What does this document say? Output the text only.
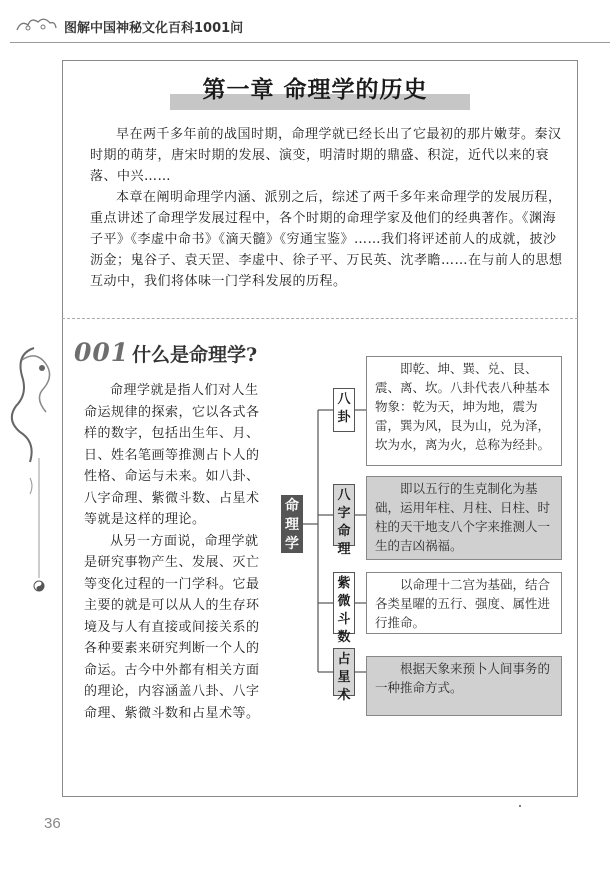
图解中国神秘文化百科1001问
第一章 命理学的历史

早在两千多年前的战国时期，命理学就已经长出了它最初的那片嫩芽。秦汉时期的萌芽，唐宋时期的发展、演变，明清时期的鼎盛、积淀，近代以来的衰落、中兴……

本章在阐明命理学内涵、派别之后，综述了两千多年来命理学的发展历程，重点讲述了命理学发展过程中，各个时期的命理学家及他们的经典著作。《渊海子平》《李虚中命书》《滴天髓》《穷通宝鉴》……我们将评述前人的成就，披沙沥金；鬼谷子、袁天罡、李虚中、徐子平、万民英、沈孝瞻……在与前人的思想互动中，我们将体味一门学科发展的历程。

001 什么是命理学?

命理学就是指人们对人生命运规律的探索，它以各式各样的数字，包括出生年、月、日、姓名笔画等推测占卜人的性格、命运与未来。如八卦、八字命理、紫微斗数、占星术等就是这样的理论。

从另一方面说，命理学就是研究事物产生、发展、灭亡等变化过程的一门学科。它最主要的就是可以从人的生存环境及与人有直接或间接关系的各种要素来研究判断一个人的命运。古今中外都有相关方面的理论，内容涵盖八卦、八字命理、紫微斗数和占星术等。

命理学
八卦
八字命理
紫微斗数
占星术
即乾、坤、巽、兑、艮、震、离、坎。八卦代表八种基本物象：乾为天，坤为地，震为雷，巽为风，艮为山，兑为泽，坎为水，离为火，总称为经卦。
即以五行的生克制化为基础，运用年柱、月柱、日柱、时柱的天干地支八个字来推测人一生的吉凶祸福。
以命理十二宫为基础，结合各类星曜的五行、强度、属性进行推命。
根据天象来预卜人间事务的一种推命方式。
36
